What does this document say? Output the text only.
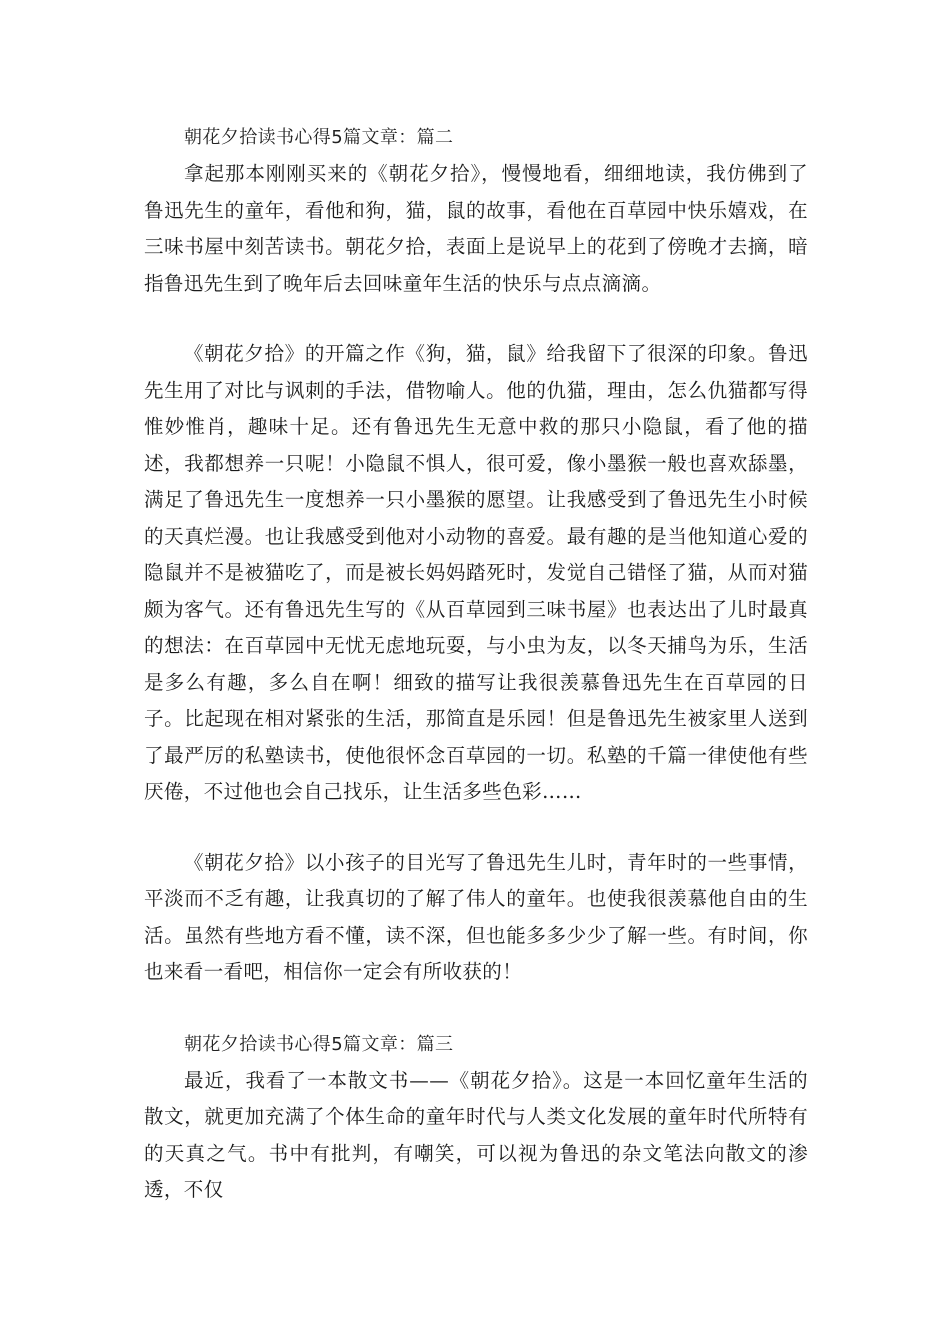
朝花夕拾读书心得5篇文章：篇二

拿起那本刚刚买来的《朝花夕拾》，慢慢地看，细细地读，我仿佛到了鲁迅先生的童年，看他和狗，猫，鼠的故事，看他在百草园中快乐嬉戏，在三味书屋中刻苦读书。朝花夕拾，表面上是说早上的花到了傍晚才去摘，暗指鲁迅先生到了晚年后去回味童年生活的快乐与点点滴滴。

《朝花夕拾》的开篇之作《狗，猫，鼠》给我留下了很深的印象。鲁迅先生用了对比与讽刺的手法，借物喻人。他的仇猫，理由，怎么仇猫都写得惟妙惟肖，趣味十足。还有鲁迅先生无意中救的那只小隐鼠，看了他的描述，我都想养一只呢！小隐鼠不惧人，很可爱，像小墨猴一般也喜欢舔墨，满足了鲁迅先生一度想养一只小墨猴的愿望。让我感受到了鲁迅先生小时候的天真烂漫。也让我感受到他对小动物的喜爱。最有趣的是当他知道心爱的隐鼠并不是被猫吃了，而是被长妈妈踏死时，发觉自己错怪了猫，从而对猫颇为客气。还有鲁迅先生写的《从百草园到三味书屋》也表达出了儿时最真的想法：在百草园中无忧无虑地玩耍，与小虫为友，以冬天捕鸟为乐，生活是多么有趣，多么自在啊！细致的描写让我很羡慕鲁迅先生在百草园的日子。比起现在相对紧张的生活，那简直是乐园！但是鲁迅先生被家里人送到了最严厉的私塾读书，使他很怀念百草园的一切。私塾的千篇一律使他有些厌倦，不过他也会自己找乐，让生活多些色彩……

《朝花夕拾》以小孩子的目光写了鲁迅先生儿时，青年时的一些事情，平淡而不乏有趣，让我真切的了解了伟人的童年。也使我很羡慕他自由的生活。虽然有些地方看不懂，读不深，但也能多多少少了解一些。有时间，你也来看一看吧，相信你一定会有所收获的！

朝花夕拾读书心得5篇文章：篇三

最近，我看了一本散文书——《朝花夕拾》。这是一本回忆童年生活的散文，就更加充满了个体生命的童年时代与人类文化发展的童年时代所特有的天真之气。书中有批判，有嘲笑，可以视为鲁迅的杂文笔法向散文的渗透，不仅
